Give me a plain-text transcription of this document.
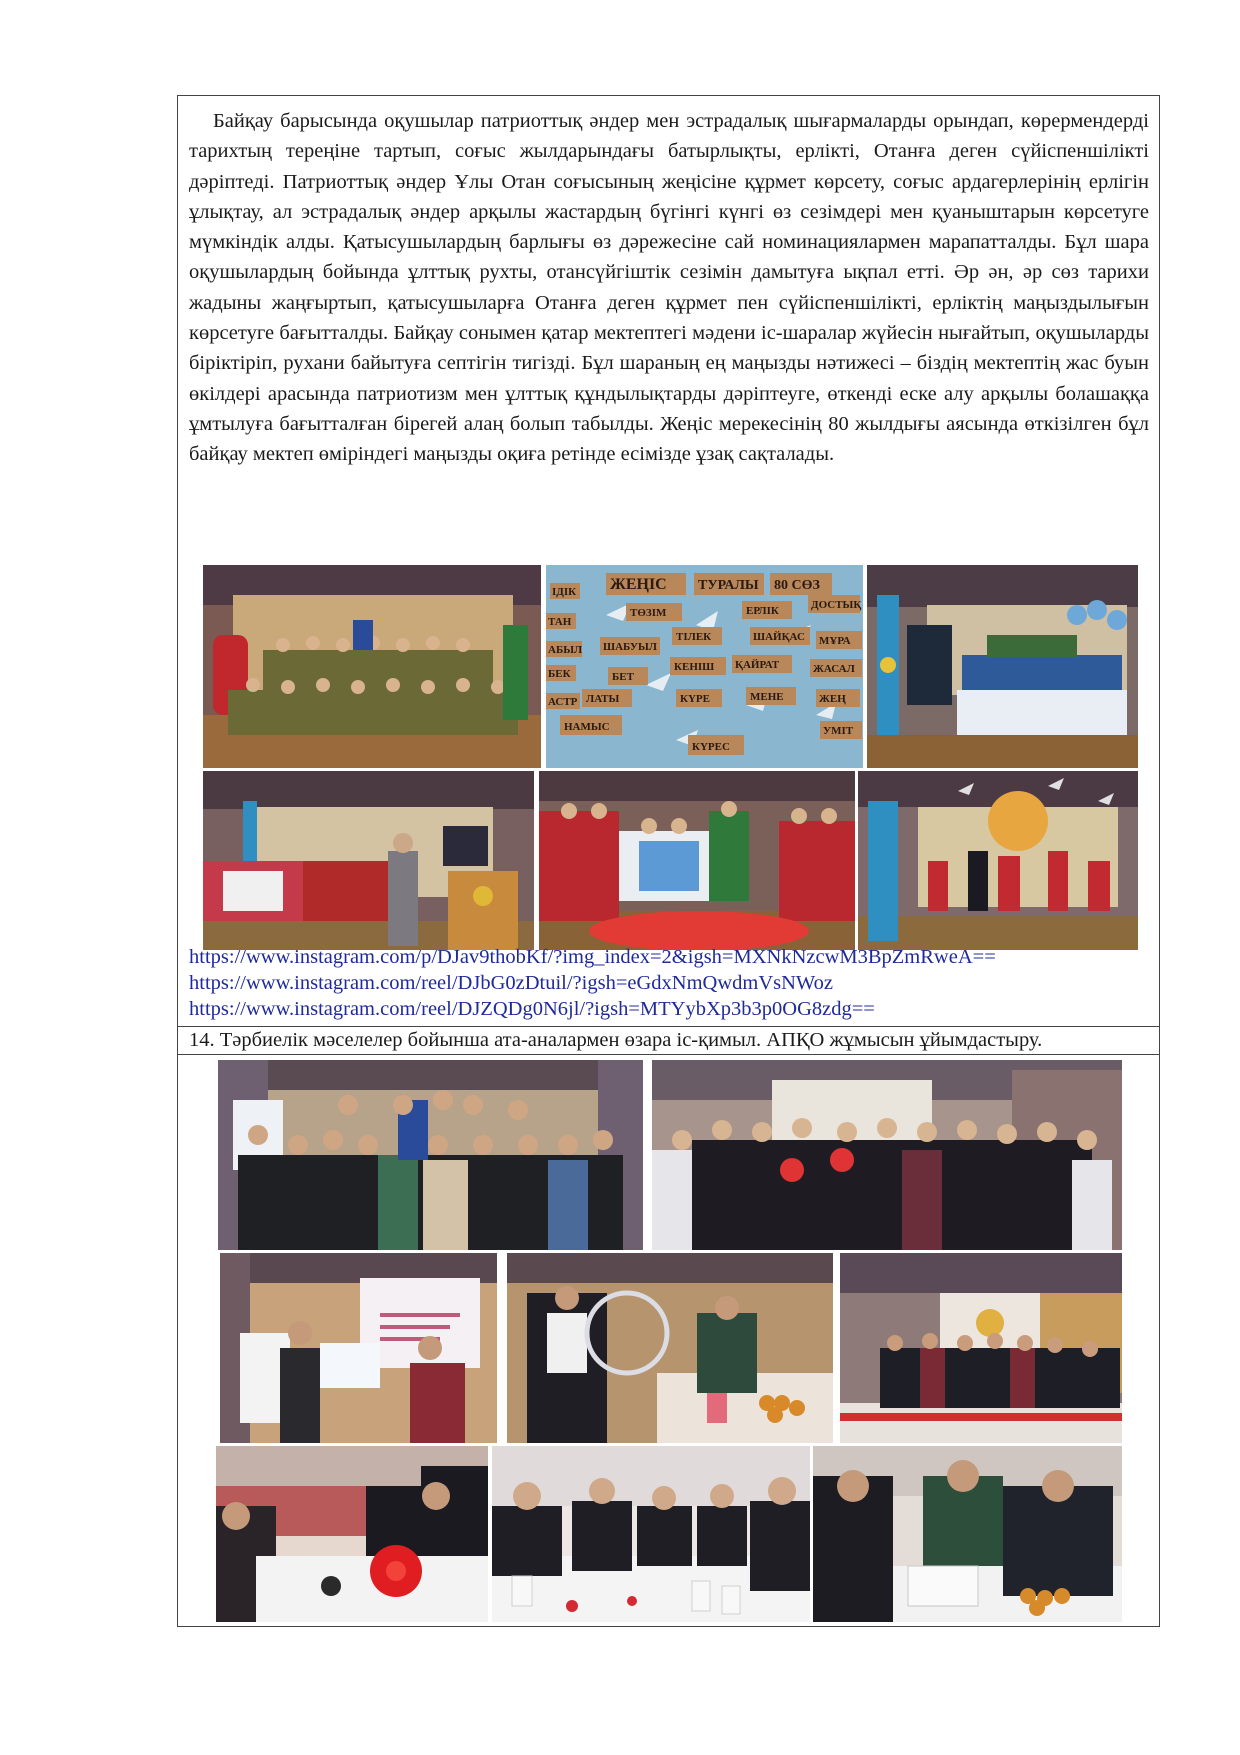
Байқау барысында оқушылар патриоттық әндер мен эстрадалық шығармаларды орындап, көрермендерді тарихтың тереңіне тартып, соғыс жылдарындағы батырлықты, ерлікті, Отанға деген сүйіспеншілікті дәріптеді. Патриоттық әндер Ұлы Отан соғысының жеңісіне құрмет көрсету, соғыс ардагерлерінің ерлігін ұлықтау, ал эстрадалық әндер арқылы жастардың бүгінгі күнгі өз сезімдері мен қуаныштарын көрсетуге мүмкіндік алды. Қатысушылардың барлығы өз дәрежесіне сай номинациялармен марапатталды. Бұл шара оқушылардың бойында ұлттық рухты, отансүйгіштік сезімін дамытуға ықпал етті. Әр ән, әр сөз тарихи жадыны жаңғыртып, қатысушыларға Отанға деген құрмет пен сүйіспеншілікті, ерліктің маңыздылығын көрсетуге бағытталды. Байқау сонымен қатар мектептегі мәдени іс-шаралар жүйесін нығайтып, оқушыларды біріктіріп, рухани байытуға септігін тигізді. Бұл шараның ең маңызды нәтижесі – біздің мектептің жас буын өкілдері арасында патриотизм мен ұлттық құндылықтарды дәріптеуге, өткенді еске алу арқылы болашаққа ұмтылуға бағытталған бірегей алаң болып табылды. Жеңіс мерекесінің 80 жылдығы аясында өткізілген бұл байқау мектеп өміріндегі маңызды оқиға ретінде есімізде ұзақ сақталады.

ЖЕҢІС ТУРАЛЫ 80 СӨЗ
ІДІК
ТӨЗІМ	ЕРЛІК	ДОСТЫҚ
ТАН
ТІЛЕК	ШАЙҚАС
АБЫЛ ШАБУЫЛ	МҰРА
КЕНІШ ҚАЙРАТ	ЖАСАЛ
БЕК	БЕТ
ЛАТЫ	КҮРЕ
АСТР
НАМЫС
МЕНЕ	ЖЕҢ
КҮРЕС
УМІТ
https://www.instagram.com/p/DJav9thobKf/?img_index=2&igsh=MXNkNzcwM3BpZmRweA==
https://www.instagram.com/reel/DJbG0zDtuil/?igsh=eGdxNmQwdmVsNWoz
https://www.instagram.com/reel/DJZQDg0N6jl/?igsh=MTYybXp3b3p0OG8zdg==

14. Тәрбиелік мәселелер бойынша ата-аналармен өзара іс-қимыл. АПҚО жұмысын ұйымдастыру.
